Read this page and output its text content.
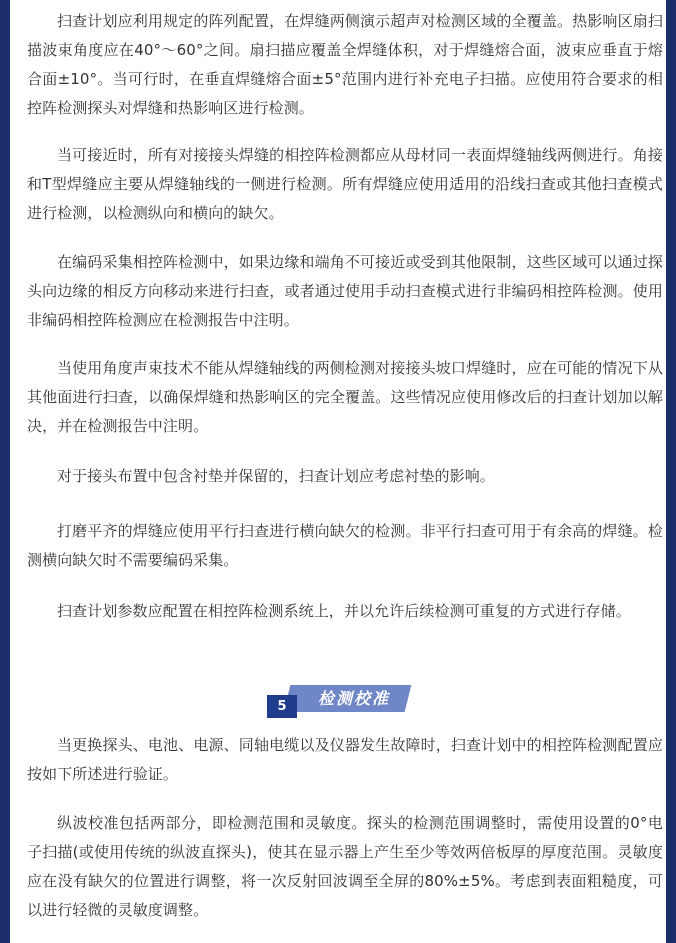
扫查计划应利用规定的阵列配置，在焊缝两侧演示超声对检测区域的全覆盖。热影响区扇扫描波束角度应在40°～60°之间。扇扫描应覆盖全焊缝体积，对于焊缝熔合面，波束应垂直于熔合面±10°。当可行时，在垂直焊缝熔合面±5°范围内进行补充电子扫描。应使用符合要求的相控阵检测探头对焊缝和热影响区进行检测。

当可接近时，所有对接接头焊缝的相控阵检测都应从母材同一表面焊缝轴线两侧进行。角接和T型焊缝应主要从焊缝轴线的一侧进行检测。所有焊缝应使用适用的沿线扫查或其他扫查模式进行检测，以检测纵向和横向的缺欠。

在编码采集相控阵检测中，如果边缘和端角不可接近或受到其他限制，这些区域可以通过探头向边缘的相反方向移动来进行扫查，或者通过使用手动扫查模式进行非编码相控阵检测。使用非编码相控阵检测应在检测报告中注明。

当使用角度声束技术不能从焊缝轴线的两侧检测对接接头坡口焊缝时，应在可能的情况下从其他面进行扫查，以确保焊缝和热影响区的完全覆盖。这些情况应使用修改后的扫查计划加以解决，并在检测报告中注明。

对于接头布置中包含衬垫并保留的，扫查计划应考虑衬垫的影响。

打磨平齐的焊缝应使用平行扫查进行横向缺欠的检测。非平行扫查可用于有余高的焊缝。检测横向缺欠时不需要编码采集。

扫查计划参数应配置在相控阵检测系统上，并以允许后续检测可重复的方式进行存储。

检测校准
5

当更换探头、电池、电源、同轴电缆以及仪器发生故障时，扫查计划中的相控阵检测配置应按如下所述进行验证。

纵波校准包括两部分，即检测范围和灵敏度。探头的检测范围调整时，需使用设置的0°电子扫描(或使用传统的纵波直探头)，使其在显示器上产生至少等效两倍板厚的厚度范围。灵敏度应在没有缺欠的位置进行调整，将一次反射回波调至全屏的80%±5%。考虑到表面粗糙度，可以进行轻微的灵敏度调整。
